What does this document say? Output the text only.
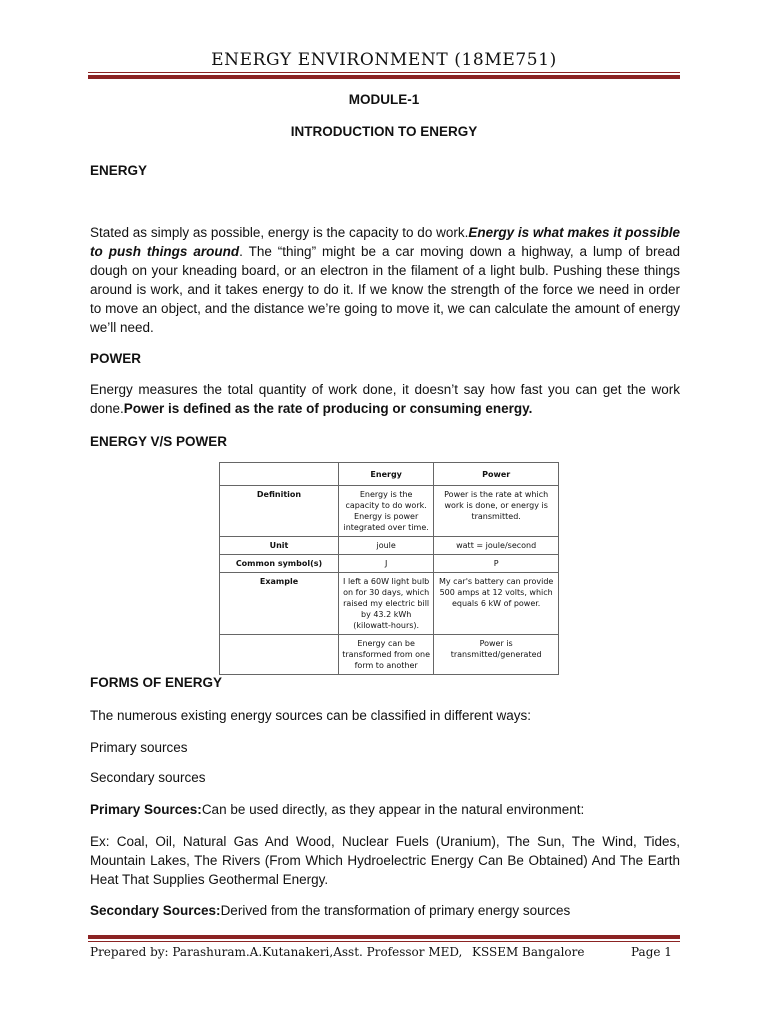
ENERGY ENVIRONMENT (18ME751)
MODULE-1
INTRODUCTION TO ENERGY
ENERGY
Stated as simply as possible, energy is the capacity to do work.Energy is what makes it possible to push things around. The “thing” might be a car moving down a highway, a lump of bread dough on your kneading board, or an electron in the filament of a light bulb. Pushing these things around is work, and it takes energy to do it. If we know the strength of the force we need in order to move an object, and the distance we’re going to move it, we can calculate the amount of energy we’ll need.
POWER
Energy measures the total quantity of work done, it doesn’t say how fast you can get the work done.Power is defined as the rate of producing or consuming energy.
ENERGY V/S POWER
	Energy	Power
Definition	Energy is the capacity to do work. Energy is power integrated over time.	Power is the rate at which work is done, or energy is transmitted.
Unit	joule	watt = joule/second
Common symbol(s)	J	P
Example	I left a 60W light bulb on for 30 days, which raised my electric bill by 43.2 kWh (kilowatt-hours).	My car's battery can provide 500 amps at 12 volts, which equals 6 kW of power.
	Energy can be transformed from one form to another	Power is transmitted/generated
FORMS OF ENERGY
The numerous existing energy sources can be classified in different ways:
Primary sources
Secondary sources
Primary Sources:Can be used directly, as they appear in the natural environment:
Ex: Coal, Oil, Natural Gas And Wood, Nuclear Fuels (Uranium), The Sun, The Wind, Tides, Mountain Lakes, The Rivers (From Which Hydroelectric Energy Can Be Obtained) And The Earth Heat That Supplies Geothermal Energy.
Secondary Sources:Derived from the transformation of primary energy sources
Prepared by: Parashuram.A.Kutanakeri,Asst. Professor MED, KSSEM Bangalore	Page 1
